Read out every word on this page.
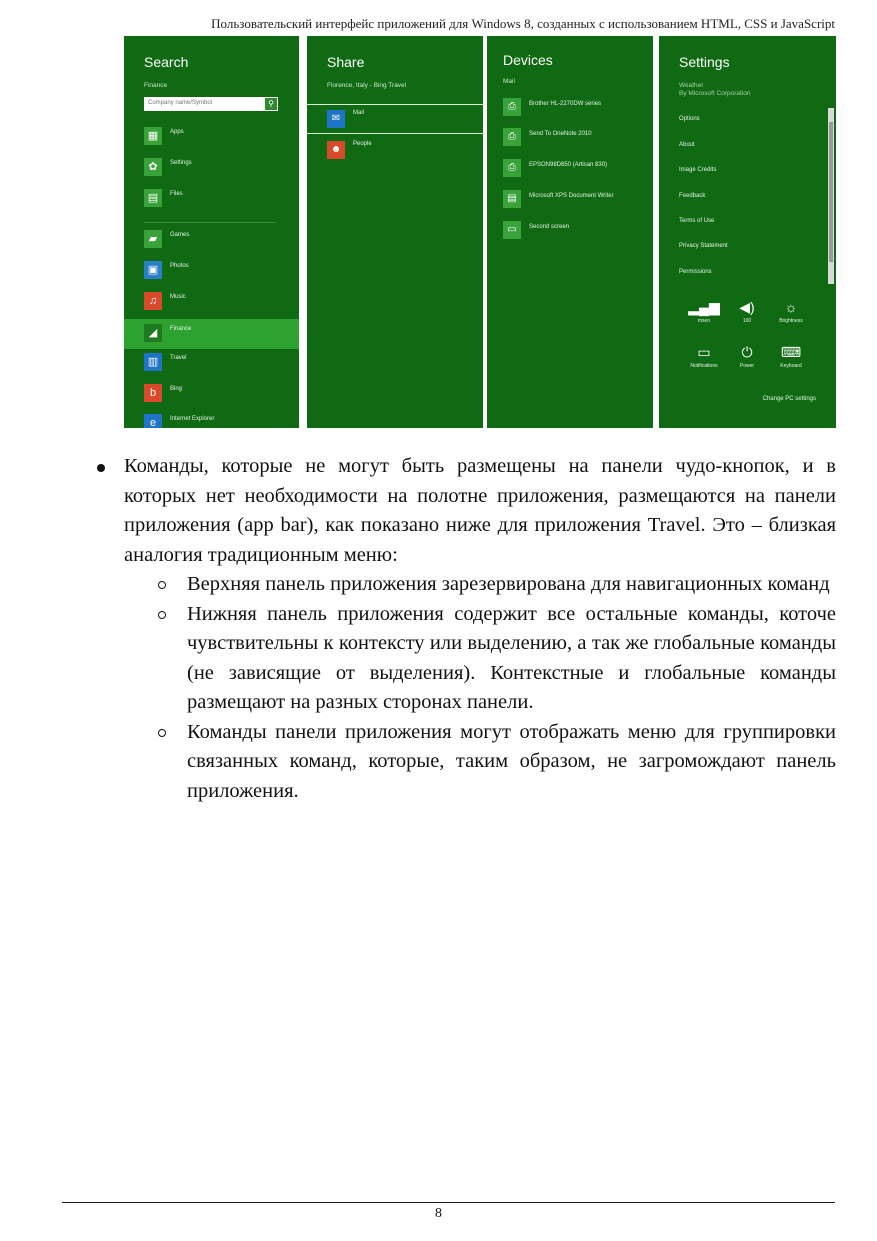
Пользовательский интерфейс приложений для Windows 8, созданных с использованием HTML, CSS и JavaScript
Search
Finance
Company name/Symbol	⚲
▦	Apps
✿	Settings
▤	Files
▰	Games
▣	Photos
♫	Music
◢	Finance
▥	Travel
b	Bing
e	Internet Explorer
Share
Florence, Italy - Bing Travel
✉	Mail
☻	People
Devices
Mail
⎙	Brother HL-2270DW series
⎙	Send To OneNote 2010
⎙	EPSON98D850 (Artisan 830)
▤	Microsoft XPS Document Writer
▭	Second screen
Settings
Weather
By Microsoft Corporation
Options
About
Image Credits
Feedback
Terms of Use
Privacy Statement
Permissions
▂▄▆
msen
◀)
100
☼
Brightness
▭
Notifications
⏻
Power
⌨
Keyboard
Change PC settings

Команды, которые не могут быть размещены на панели чудо-кнопок, и в которых нет необходимости на полотне приложения, размещаются на панели приложения (app bar), как показано ниже для приложения Travel. Это – близкая аналогия традиционным меню:

Верхняя панель приложения зарезервирована для навигационных команд

Нижняя панель приложения содержит все остальные команды, коточе чувствительны к контексту или выделению, а так же глобальные команды (не зависящие от выделения). Контекстные и глобальные команды размещают на разных сторонах панели.

Команды панели приложения могут отображать меню для группировки связанных команд, которые, таким образом, не загромождают панель приложения.

8
